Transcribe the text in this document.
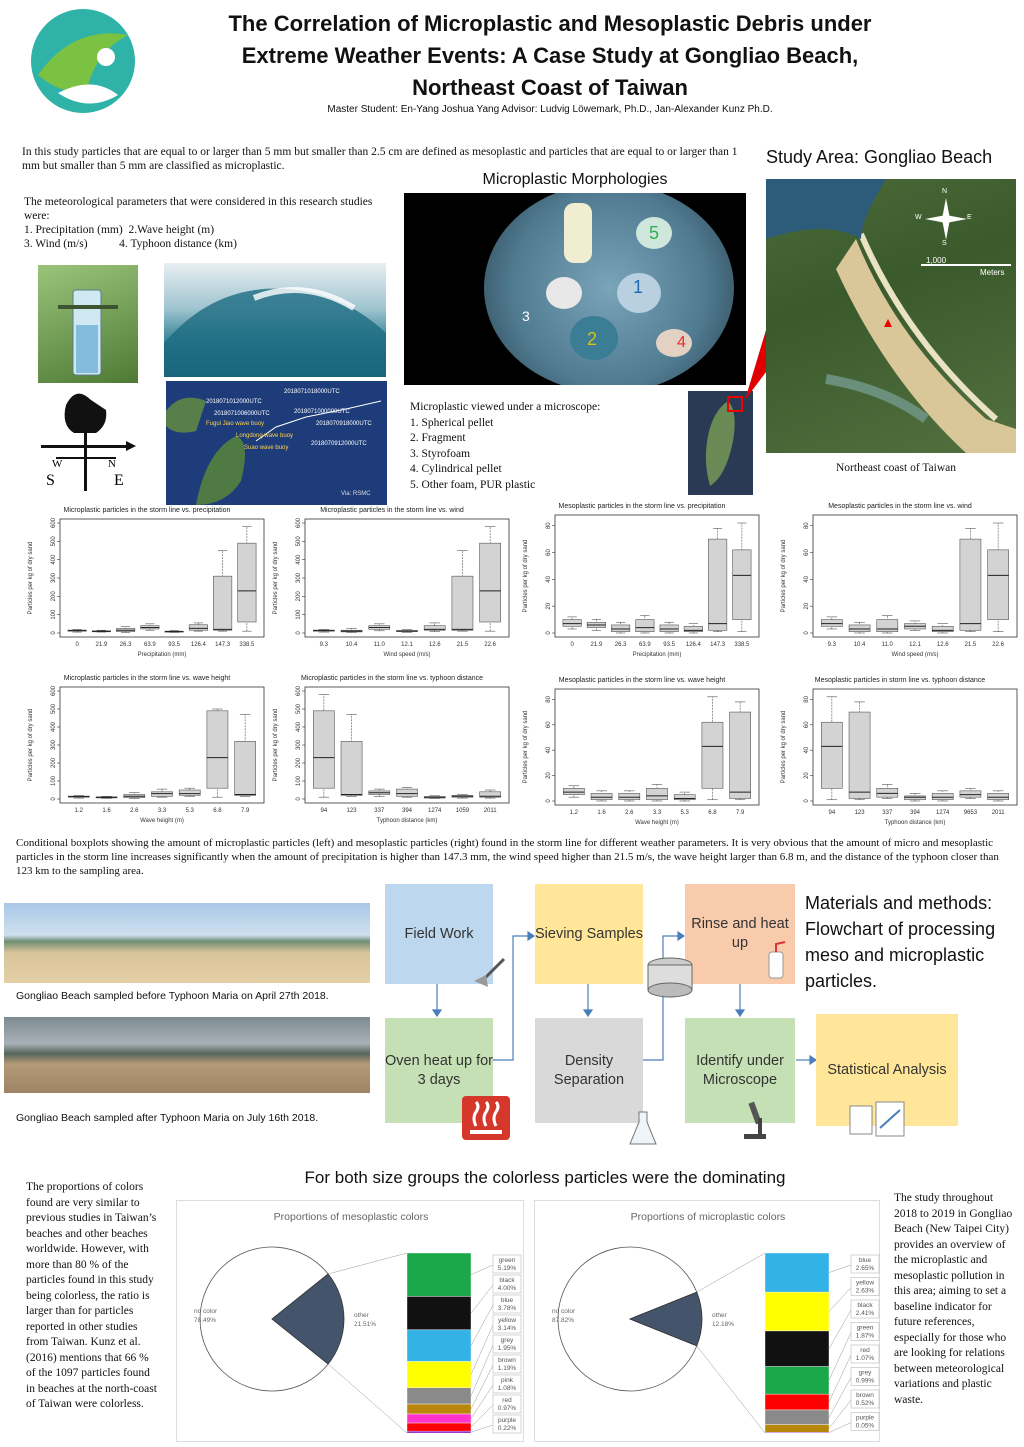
The Correlation of Microplastic and Mesoplastic Debris under
Extreme Weather Events: A Case Study at Gongliao Beach,
Northeast Coast of Taiwan
Master Student: En-Yang Joshua Yang Advisor: Ludvig Löwemark, Ph.D., Jan-Alexander Kunz Ph.D.
In this study particles that are equal to or larger than 5 mm but smaller than 2.5 cm are defined as mesoplastic and particles that are equal to or larger than 1 mm but smaller than 5 mm are classified as microplastic.
The meteorological parameters that were considered in this research studies were:
1. Precipitation (mm)  2.Wave height (m)
3. Wind (m/s)           4. Typhoon distance (km)
W	N
S	E
2018071018000UTC
2018071012000UTC
2018071006000UTC	2018071000000UTC
2018070918000UTC
2018070912000UTC
Fugui Jiao wave buoy
Longdong wave buoy
Suao wave buoy
Via: RSMC
Microplastic Morphologies
1
2
3
4
5
Microplastic viewed under a microscope:
1. Spherical pellet
2. Fragment
3. Styrofoam
4. Cylindrical pellet
5. Other foam, PUR plastic
Study Area: Gongliao Beach
1,000
Meters
N
E
S
W
Northeast coast of Taiwan
Microplastic particles in the storm line vs. precipitation
Particles per kg of dry sand
0
100
200
300
400
500
600
0	21.9 26.3 63.9 93.5 126.4 147.3 338.5
Precipitation (mm)
Microplastic particles in the storm line vs. wind
Particles per kg of dry sand
0
100
200
300
400
500
600
9.3	10.4	11.0	12.1	12.6	21.5	22.6
Wind speed (m/s)
Mesoplastic particles in the storm line vs. precipitation
Particles per kg of dry sand
0
20
40
60
80
0	21.9 26.3 63.9 93.5 126.4 147.3 338.5
Precipitation (mm)
Mesoplastic particles in the storm line vs. wind
Particles per kg of dry sand
0
20
40
60
80
9.3	10.4	11.0	12.1	12.6	21.5	22.6
Wind speed (m/s)
Microplastic particles in the storm line vs. wave height
Particles per kg of dry sand
0
100
200
300
400
500
600
1.2	1.6	2.6	3.3	5.3	6.8	7.9
Wave height (m)
Microplastic particles in the storm line vs. typhoon distance
Particles per kg of dry sand
0
100
200
300
400
500
600
94	123	337	394	1274 1059 2011
Typhoon distance (km)
Mesoplastic particles in the storm line vs. wave height
Particles per kg of dry sand
0
20
40
60
80
1.2	1.6	2.6	3.3	5.3	6.8	7.9
Wave height (m)
Mesoplastic particles in storm line vs. typhoon distance
Particles per kg of dry sand
0
20
40
60
80
94	123	337	394	1274 9653 2011
Typhoon distance (km)
Conditional boxplots showing the amount of microplastic particles (left) and mesoplastic particles (right) found in the storm line for different weather parameters. It is very obvious that the amount of micro and mesoplastic particles in the storm line increases significantly when the amount of precipitation is higher than 147.3 mm, the wind speed higher than 21.5 m/s, the wave height larger than 6.8 m, and the distance of the typhoon closer than 123 km to the sampling area.
Gongliao Beach sampled before Typhoon Maria on April 27th 2018.
Gongliao Beach sampled after Typhoon Maria on July 16th 2018.
Field Work
Oven heat up for 3 days
Sieving Samples
Density Separation
Rinse and heat up
Identify under Microscope
Statistical Analysis
Materials and methods: Flowchart of processing meso and microplastic particles.
For both size groups the colorless particles were the dominating
The proportions of colors found are very similar to previous studies in Taiwan’s beaches and other beaches worldwide. However, with more than 80 % of the particles found in this study being colorless, the ratio is larger than for particles reported in other studies from Taiwan. Kunz et al. (2016) mentions that 66 % of the 1097 particles found in beaches at the north-coast of Taiwan were colorless.
The study throughout 2018 to 2019 in Gongliao Beach (New Taipei City) provides an overview of the microplastic and mesoplastic pollution in this area; aiming to set a baseline indicator for future references, especially for those who are looking for relations between meteorological variations and plastic waste.
Proportions of mesoplastic colors
no color
78.49%
other
21.51%
green
5.19%
black
4.00%
blue
3.78%
yellow
3.14%
grey
1.95%
brown
1.19%
pink
1.08%
red
0.97%
purple
0.22%
Proportions of microplastic colors
no color
87.82%
other
12.18%
blue
2.65%
yellow
2.63%
black
2.41%
green
1.87%
red
1.07%
grey
0.99%
brown
0.52%
purple
0.05%
